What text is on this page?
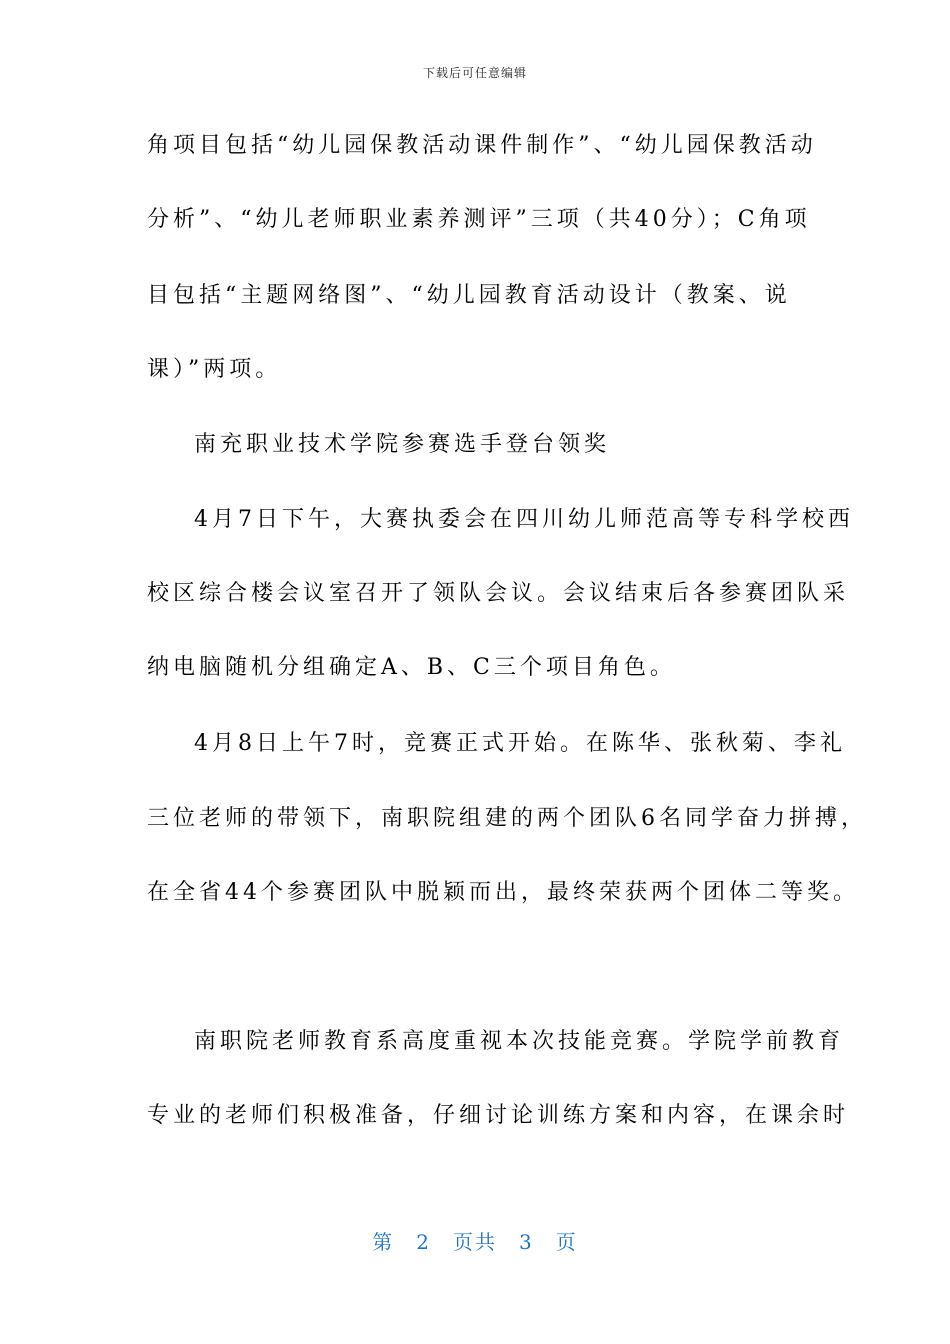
下载后可任意编辑
角项目包括“幼儿园保教活动课件制作”、“幼儿园保教活动
分析”、“幼儿老师职业素养测评”三项（共40分）；C角项
目包括“主题网络图”、“幼儿园教育活动设计（教案、说
课）”两项。
南充职业技术学院参赛选手登台领奖
4月7日下午，大赛执委会在四川幼儿师范高等专科学校西
校区综合楼会议室召开了领队会议。会议结束后各参赛团队采
纳电脑随机分组确定A、B、C三个项目角色。
4月8日上午7时，竞赛正式开始。在陈华、张秋菊、李礼
三位老师的带领下，南职院组建的两个团队6名同学奋力拼搏，
在全省44个参赛团队中脱颖而出，最终荣获两个团体二等奖。
南职院老师教育系高度重视本次技能竞赛。学院学前教育
专业的老师们积极准备，仔细讨论训练方案和内容，在课余时
第 2 页共 3 页
